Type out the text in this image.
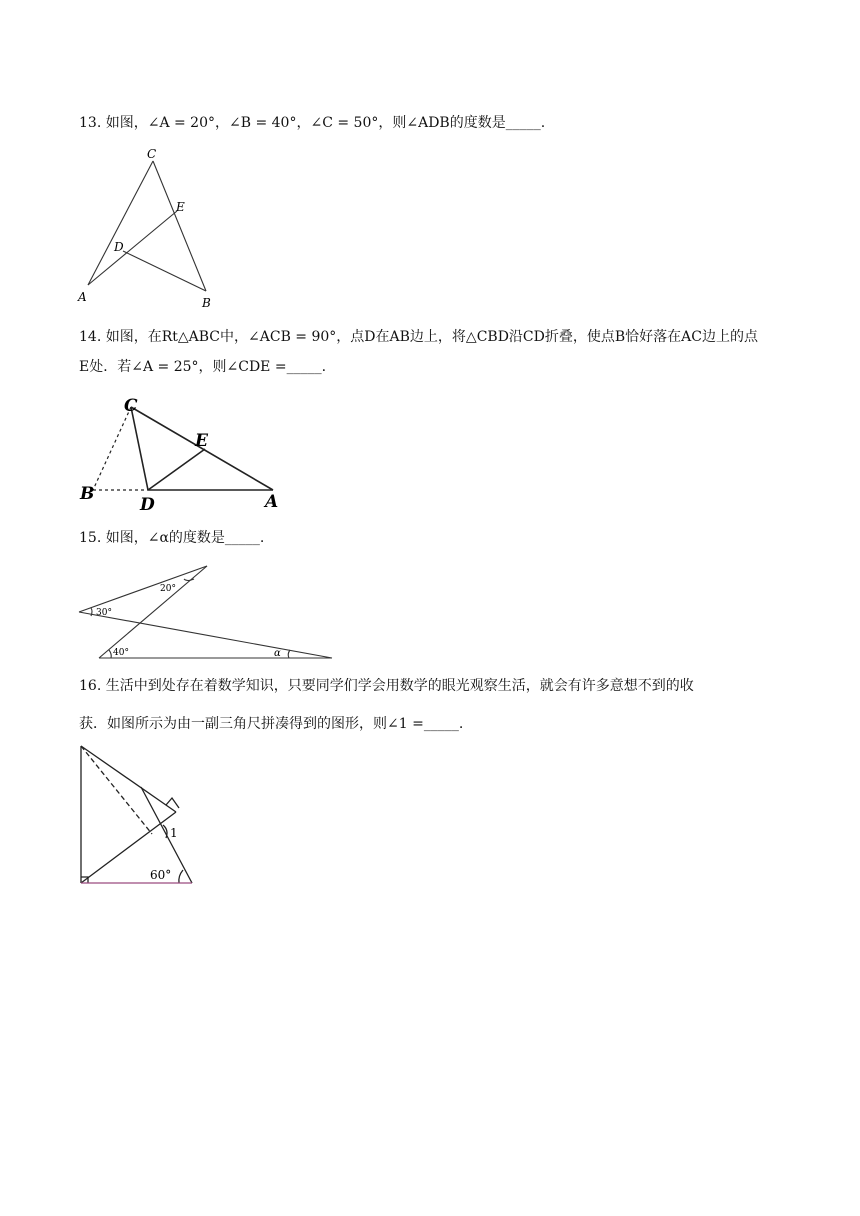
13. 如图，∠A = 20°，∠B = 40°，∠C = 50°，则∠ADB的度数是_____.
C
E
D
A	B
14. 如图，在Rt△ABC中，∠ACB = 90°，点D在AB边上，将△CBD沿CD折叠，使点B恰好落在AC边上的点
E处．若∠A = 25°，则∠CDE =_____.
C
E
B
D	A
15. 如图，∠α的度数是_____.
30°
20°
40°	α
16. 生活中到处存在着数学知识，只要同学们学会用数学的眼光观察生活，就会有许多意想不到的收
获．如图所示为由一副三角尺拼凑得到的图形，则∠1 =_____.
1
60°
